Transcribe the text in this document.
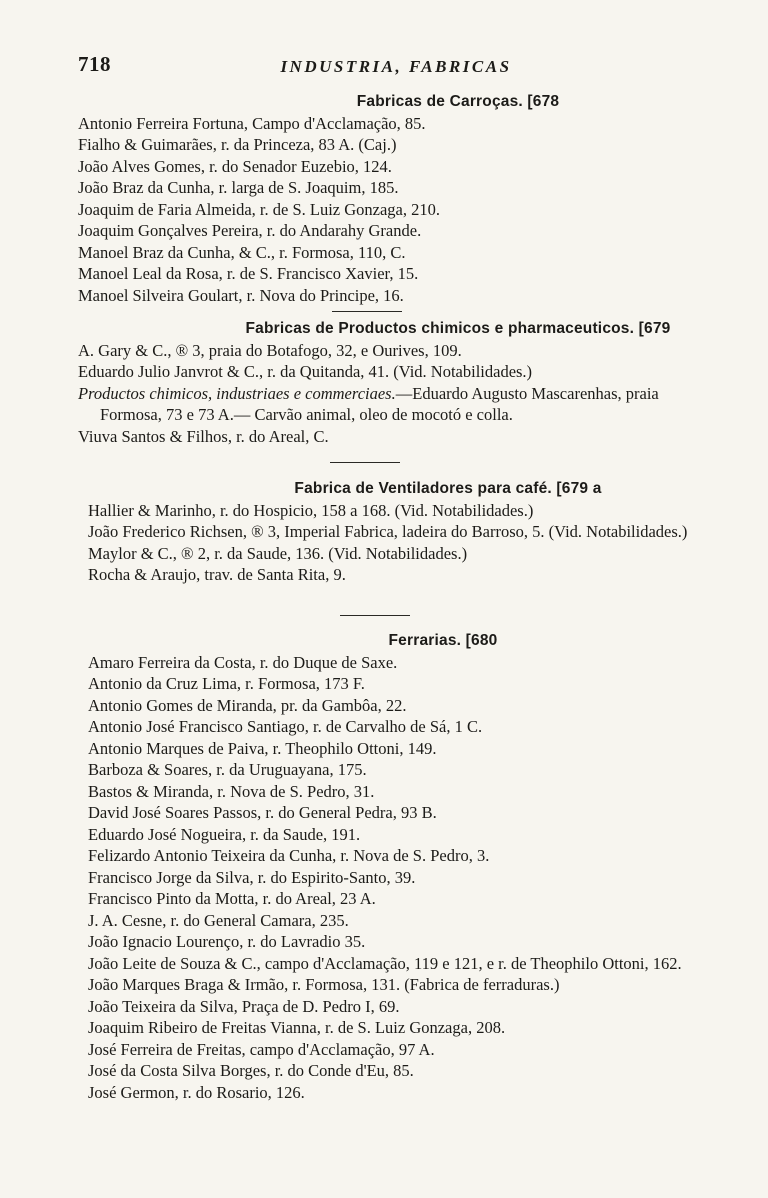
718	INDUSTRIA, FABRICAS
Fabricas de Carroças. [678
Antonio Ferreira Fortuna, Campo d'Acclamação, 85.
Fialho & Guimarães, r. da Princeza, 83 A. (Caj.)
João Alves Gomes, r. do Senador Euzebio, 124.
João Braz da Cunha, r. larga de S. Joaquim, 185.
Joaquim de Faria Almeida, r. de S. Luiz Gonzaga, 210.
Joaquim Gonçalves Pereira, r. do Andarahy Grande.
Manoel Braz da Cunha, & C., r. Formosa, 110, C.
Manoel Leal da Rosa, r. de S. Francisco Xavier, 15.
Manoel Silveira Goulart, r. Nova do Principe, 16.
Fabricas de Productos chimicos e pharmaceuticos. [679
A. Gary & C., ® 3, praia do Botafogo, 32, e Ourives, 109.
Eduardo Julio Janvrot & C., r. da Quitanda, 41. (Vid. Notabilidades.)
Productos chimicos, industriaes e commerciaes.—Eduardo Augusto Mascarenhas, praia Formosa, 73 e 73 A.— Carvão animal, oleo de mocotó e colla.
Viuva Santos & Filhos, r. do Areal, C.
Fabrica de Ventiladores para café. [679 a
Hallier & Marinho, r. do Hospicio, 158 a 168. (Vid. Notabilidades.)
João Frederico Richsen, ® 3, Imperial Fabrica, ladeira do Barroso, 5. (Vid. Notabilidades.)
Maylor & C., ® 2, r. da Saude, 136. (Vid. Notabilidades.)
Rocha & Araujo, trav. de Santa Rita, 9.
Ferrarias. [680
Amaro Ferreira da Costa, r. do Duque de Saxe.
Antonio da Cruz Lima, r. Formosa, 173 F.
Antonio Gomes de Miranda, pr. da Gambôa, 22.
Antonio José Francisco Santiago, r. de Carvalho de Sá, 1 C.
Antonio Marques de Paiva, r. Theophilo Ottoni, 149.
Barboza & Soares, r. da Uruguayana, 175.
Bastos & Miranda, r. Nova de S. Pedro, 31.
David José Soares Passos, r. do General Pedra, 93 B.
Eduardo José Nogueira, r. da Saude, 191.
Felizardo Antonio Teixeira da Cunha, r. Nova de S. Pedro, 3.
Francisco Jorge da Silva, r. do Espirito-Santo, 39.
Francisco Pinto da Motta, r. do Areal, 23 A.
J. A. Cesne, r. do General Camara, 235.
João Ignacio Lourenço, r. do Lavradio 35.
João Leite de Souza & C., campo d'Acclamação, 119 e 121, e r. de Theophilo Ottoni, 162.
João Marques Braga & Irmão, r. Formosa, 131. (Fabrica de ferraduras.)
João Teixeira da Silva, Praça de D. Pedro I, 69.
Joaquim Ribeiro de Freitas Vianna, r. de S. Luiz Gonzaga, 208.
José Ferreira de Freitas, campo d'Acclamação, 97 A.
José da Costa Silva Borges, r. do Conde d'Eu, 85.
José Germon, r. do Rosario, 126.
